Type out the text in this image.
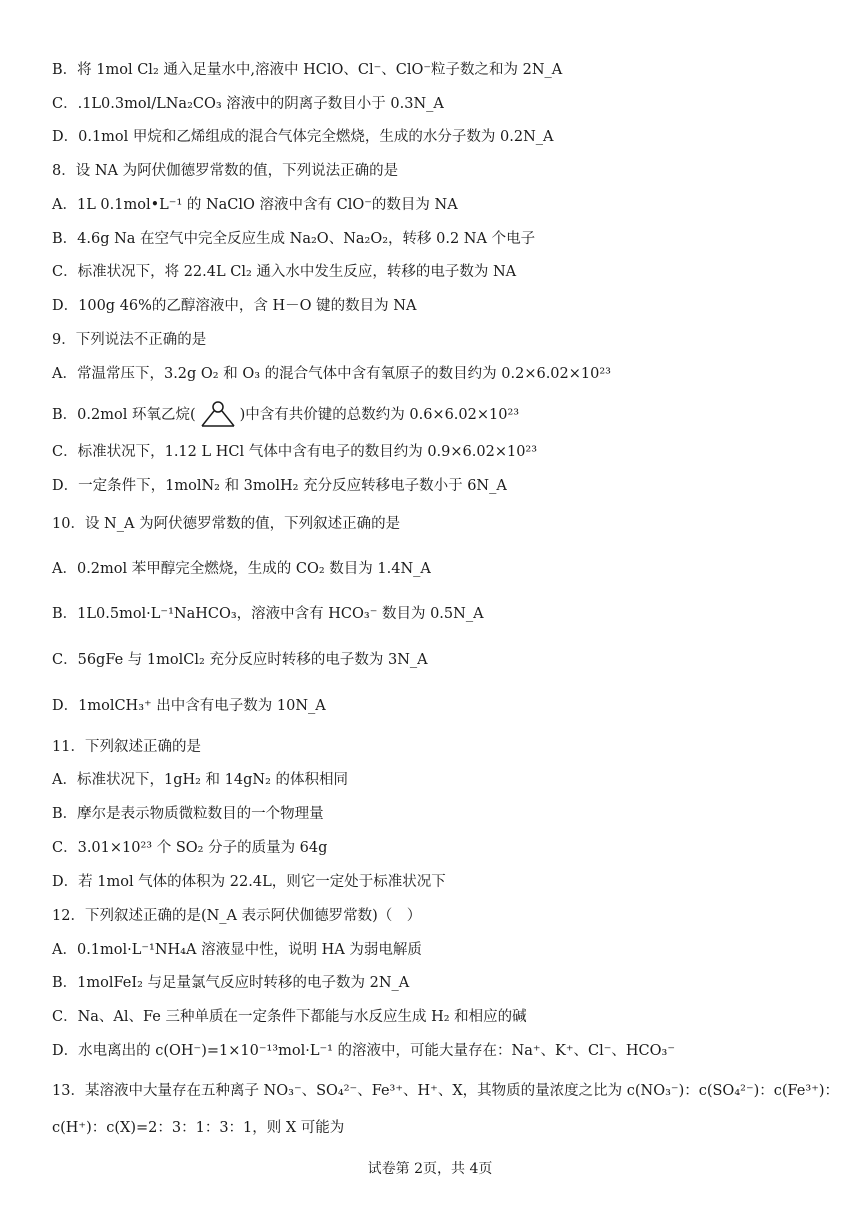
B．将 1mol Cl₂ 通入足量水中,溶液中 HClO、Cl⁻、ClO⁻粒子数之和为 2N_A
C．.1L0.3mol/LNa₂CO₃ 溶液中的阴离子数目小于 0.3N_A
D．0.1mol 甲烷和乙烯组成的混合气体完全燃烧，生成的水分子数为 0.2N_A
8．设 NA 为阿伏伽德罗常数的值，下列说法正确的是
A．1L 0.1mol•L⁻¹ 的 NaClO 溶液中含有 ClO⁻的数目为 NA
B．4.6g Na 在空气中完全反应生成 Na₂O、Na₂O₂，转移 0.2 NA 个电子
C．标准状况下，将 22.4L Cl₂ 通入水中发生反应，转移的电子数为 NA
D．100g 46%的乙醇溶液中，含 H－O 键的数目为 NA
9．下列说法不正确的是
A．常温常压下，3.2g O₂ 和 O₃ 的混合气体中含有氧原子的数目约为 0.2×6.02×10²³
B．0.2mol 环氧乙烷(	)中含有共价键的总数约为 0.6×6.02×10²³
C．标准状况下，1.12 L HCl 气体中含有电子的数目约为 0.9×6.02×10²³
D．一定条件下，1molN₂ 和 3molH₂ 充分反应转移电子数小于 6N_A
10．设 N_A 为阿伏德罗常数的值，下列叙述正确的是
A．0.2mol 苯甲醇完全燃烧，生成的 CO₂ 数目为 1.4N_A
B．1L0.5mol·L⁻¹NaHCO₃，溶液中含有 HCO₃⁻ 数目为 0.5N_A
C．56gFe 与 1molCl₂ 充分反应时转移的电子数为 3N_A
D．1molCH₃⁺ 出中含有电子数为 10N_A
11．下列叙述正确的是
A．标准状况下，1gH₂ 和 14gN₂ 的体积相同
B．摩尔是表示物质微粒数目的一个物理量
C．3.01×10²³ 个 SO₂ 分子的质量为 64g
D．若 1mol 气体的体积为 22.4L，则它一定处于标准状况下
12．下列叙述正确的是(N_A 表示阿伏伽德罗常数)（　）
A．0.1mol·L⁻¹NH₄A 溶液显中性，说明 HA 为弱电解质
B．1molFeI₂ 与足量氯气反应时转移的电子数为 2N_A
C．Na、Al、Fe 三种单质在一定条件下都能与水反应生成 H₂ 和相应的碱
D．水电离出的 c(OH⁻)=1×10⁻¹³mol·L⁻¹ 的溶液中，可能大量存在：Na⁺、K⁺、Cl⁻、HCO₃⁻
13．某溶液中大量存在五种离子 NO₃⁻、SO₄²⁻、Fe³⁺、H⁺、X，其物质的量浓度之比为 c(NO₃⁻)：c(SO₄²⁻)：c(Fe³⁺)：
c(H⁺)：c(X)=2：3：1：3：1，则 X 可能为
试卷第 2页，共 4页
